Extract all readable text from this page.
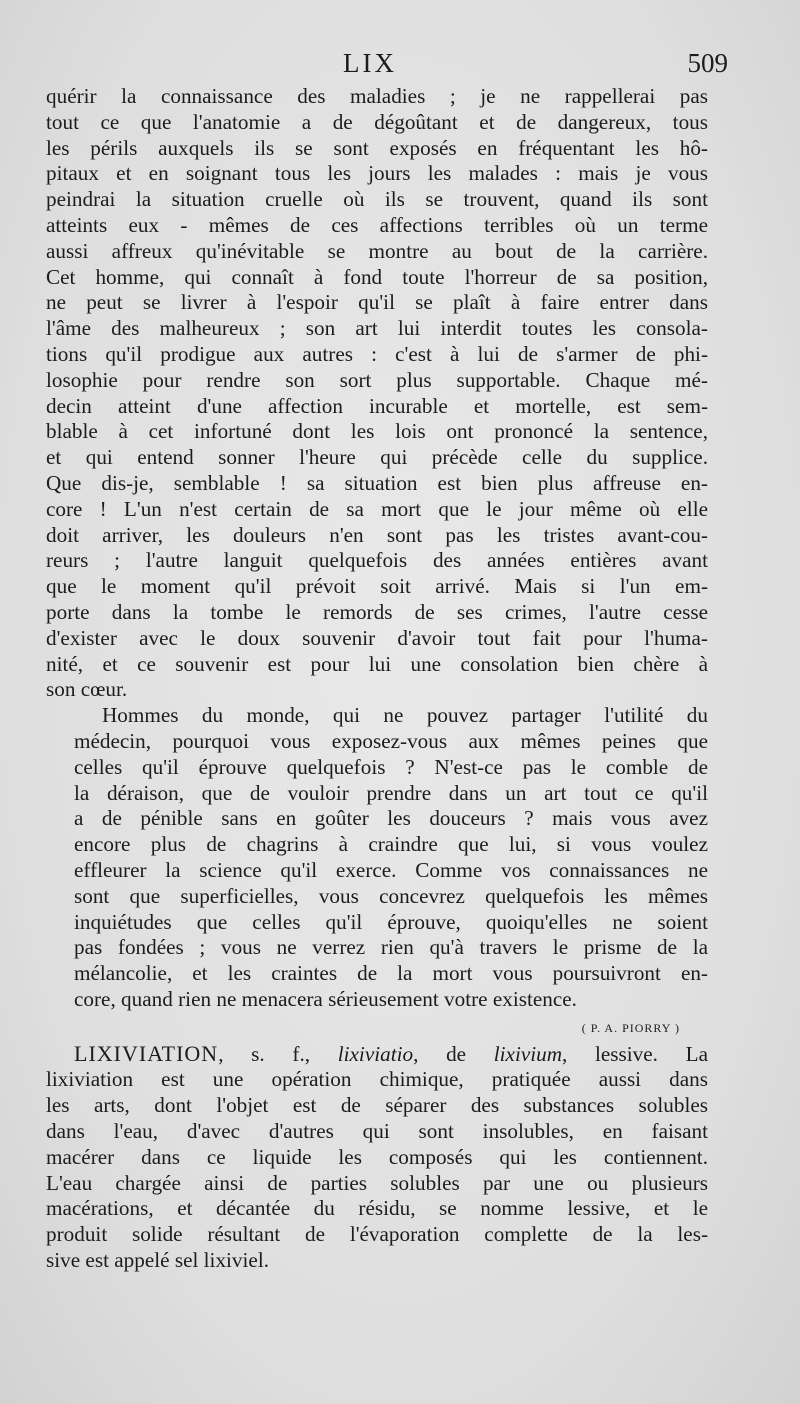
LIX	509
quérir la connaissance des maladies ; je ne rappellerai pas
tout ce que l'anatomie a de dégoûtant et de dangereux, tous
les périls auxquels ils se sont exposés en fréquentant les hô-
pitaux et en soignant tous les jours les malades : mais je vous
peindrai la situation cruelle où ils se trouvent, quand ils sont
atteints eux - mêmes de ces affections terribles où un terme
aussi affreux qu'inévitable se montre au bout de la carrière.
Cet homme, qui connaît à fond toute l'horreur de sa position,
ne peut se livrer à l'espoir qu'il se plaît à faire entrer dans
l'âme des malheureux ; son art lui interdit toutes les consola-
tions qu'il prodigue aux autres : c'est à lui de s'armer de phi-
losophie pour rendre son sort plus supportable. Chaque mé-
decin atteint d'une affection incurable et mortelle, est sem-
blable à cet infortuné dont les lois ont prononcé la sentence,
et qui entend sonner l'heure qui précède celle du supplice.
Que dis-je, semblable ! sa situation est bien plus affreuse en-
core ! L'un n'est certain de sa mort que le jour même où elle
doit arriver, les douleurs n'en sont pas les tristes avant-cou-
reurs ; l'autre languit quelquefois des années entières avant
que le moment qu'il prévoit soit arrivé. Mais si l'un em-
porte dans la tombe le remords de ses crimes, l'autre cesse
d'exister avec le doux souvenir d'avoir tout fait pour l'huma-
nité, et ce souvenir est pour lui une consolation bien chère à
son cœur.
Hommes du monde, qui ne pouvez partager l'utilité du
médecin, pourquoi vous exposez-vous aux mêmes peines que
celles qu'il éprouve quelquefois ? N'est-ce pas le comble de
la déraison, que de vouloir prendre dans un art tout ce qu'il
a de pénible sans en goûter les douceurs ? mais vous avez
encore plus de chagrins à craindre que lui, si vous voulez
effleurer la science qu'il exerce. Comme vos connaissances ne
sont que superficielles, vous concevrez quelquefois les mêmes
inquiétudes que celles qu'il éprouve, quoiqu'elles ne soient
pas fondées ; vous ne verrez rien qu'à travers le prisme de la
mélancolie, et les craintes de la mort vous poursuivront en-
core, quand rien ne menacera sérieusement votre existence.
( P. A. PIORRY )
LIXIVIATION, s. f., lixiviatio, de lixivium, lessive. La
lixiviation est une opération chimique, pratiquée aussi dans
les arts, dont l'objet est de séparer des substances solubles
dans l'eau, d'avec d'autres qui sont insolubles, en faisant
macérer dans ce liquide les composés qui les contiennent.
L'eau chargée ainsi de parties solubles par une ou plusieurs
macérations, et décantée du résidu, se nomme lessive, et le
produit solide résultant de l'évaporation complette de la les-
sive est appelé sel lixiviel.
